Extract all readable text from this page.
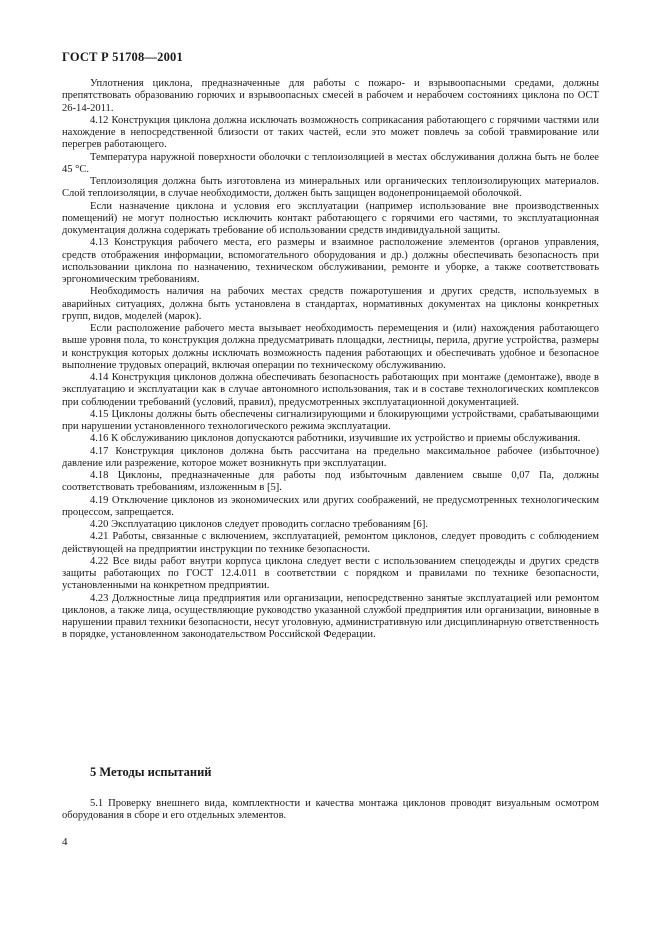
ГОСТ Р 51708—2001

Уплотнения циклона, предназначенные для работы с пожаро- и взрывоопасными средами, должны препятствовать образованию горючих и взрывоопасных смесей в рабочем и нерабочем состояниях циклона по ОСТ 26-14-2011.

4.12 Конструкция циклона должна исключать возможность соприкасания работающего с горячими частями или нахождение в непосредственной близости от таких частей, если это может повлечь за собой травмирование или перегрев работающего.

Температура наружной поверхности оболочки с теплоизоляцией в местах обслуживания должна быть не более 45 °С.

Теплоизоляция должна быть изготовлена из минеральных или органических теплоизолирующих материалов. Слой теплоизоляции, в случае необходимости, должен быть защищен водонепроницаемой оболочкой.

Если назначение циклона и условия его эксплуатации (например использование вне производственных помещений) не могут полностью исключить контакт работающего с горячими его частями, то эксплуатационная документация должна содержать требование об использовании средств индивидуальной защиты.

4.13 Конструкция рабочего места, его размеры и взаимное расположение элементов (органов управления, средств отображения информации, вспомогательного оборудования и др.) должны обеспечивать безопасность при использовании циклона по назначению, техническом обслуживании, ремонте и уборке, а также соответствовать эргономическим требованиям.

Необходимость наличия на рабочих местах средств пожаротушения и других средств, используемых в аварийных ситуациях, должна быть установлена в стандартах, нормативных документах на циклоны конкретных групп, видов, моделей (марок).

Если расположение рабочего места вызывает необходимость перемещения и (или) нахождения работающего выше уровня пола, то конструкция должна предусматривать площадки, лестницы, перила, другие устройства, размеры и конструкция которых должны исключать возможность падения работающих и обеспечивать удобное и безопасное выполнение трудовых операций, включая операции по техническому обслуживанию.

4.14 Конструкция циклонов должна обеспечивать безопасность работающих при монтаже (демонтаже), вводе в эксплуатацию и эксплуатации как в случае автономного использования, так и в составе технологических комплексов при соблюдении требований (условий, правил), предусмотренных эксплуатационной документацией.

4.15 Циклоны должны быть обеспечены сигнализирующими и блокирующими устройствами, срабатывающими при нарушении установленного технологического режима эксплуатации.

4.16 К обслуживанию циклонов допускаются работники, изучившие их устройство и приемы обслуживания.

4.17 Конструкция циклонов должна быть рассчитана на предельно максимальное рабочее (избыточное) давление или разрежение, которое может возникнуть при эксплуатации.

4.18 Циклоны, предназначенные для работы под избыточным давлением свыше 0,07 Па, должны соответствовать требованиям, изложенным в [5].

4.19 Отключение циклонов из экономических или других соображений, не предусмотренных технологическим процессом, запрещается.

4.20 Эксплуатацию циклонов следует проводить согласно требованиям [6].

4.21 Работы, связанные с включением, эксплуатацией, ремонтом циклонов, следует проводить с соблюдением действующей на предприятии инструкции по технике безопасности.

4.22 Все виды работ внутри корпуса циклона следует вести с использованием спецодежды и других средств защиты работающих по ГОСТ 12.4.011 в соответствии с порядком и правилами по технике безопасности, установленными на конкретном предприятии.

4.23 Должностные лица предприятия или организации, непосредственно занятые эксплуатацией или ремонтом циклонов, а также лица, осуществляющие руководство указанной службой предприятия или организации, виновные в нарушении правил техники безопасности, несут уголовную, административную или дисциплинарную ответственность в порядке, установленном законодательством Российской Федерации.

5 Методы испытаний

5.1 Проверку внешнего вида, комплектности и качества монтажа циклонов проводят визуальным осмотром оборудования в сборе и его отдельных элементов.

4
